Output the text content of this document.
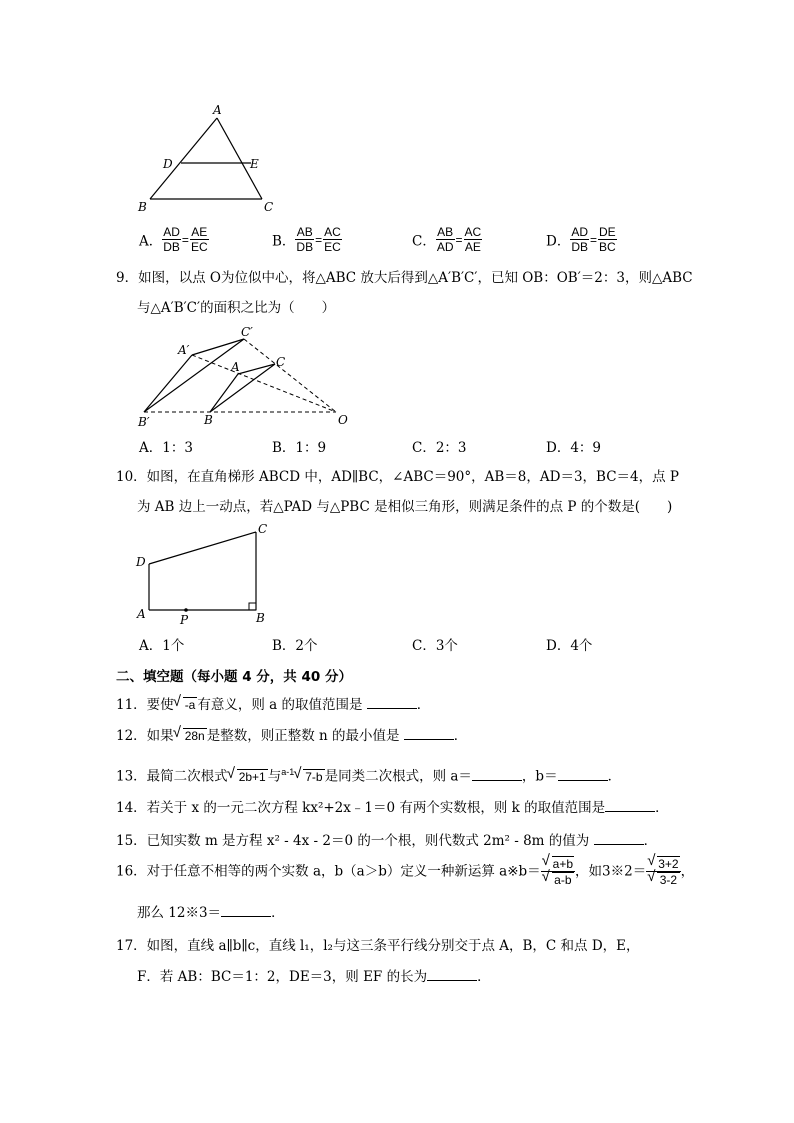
A
D	E
B	C
A． $\frac{AD}{DB} = \frac{AE}{EC}$	B． $\frac{AB}{DB} = \frac{AC}{EC}$	C． $\frac{AB}{AD} = \frac{AC}{AE}$	D． $\frac{AD}{DB} = \frac{DE}{BC}$
9．如图，以点 O为位似中心，将△ABC 放大后得到△A′B′C′，已知 OB：OB′＝2：3，则△ABC
与△A′B′C′的面积之比为（　　）
A′
C′
A	C
B′	B	O
A．1：3	B．1：9	C．2：3	D．4：9
10．如图，在直角梯形 ABCD 中，AD∥BC，∠ABC＝90°，AB＝8，AD＝3，BC＝4，点 P
为 AB 边上一动点，若△PAD 与△PBC 是相似三角形，则满足条件的点 P 的个数是(　　)
C
D
A	P	B
A．1个	B．2个	C．3个	D．4个
二、填空题（每小题 4 分，共 40 分）
11．要使 √ -a 有意义，则 a 的取值范围是	．
12．如果 √ 28n 是整数，则正整数 n 的最小值是	．
13．最简二次根式 √ 2b+1 与$^{a-1}$ √ 7-b 是同类二次根式，则 a＝	，b＝	．
14．若关于 x 的一元二次方程 kx²+2x﹣1＝0 有两个实数根，则 k 的取值范围是	．
15．已知实数 m 是方程 x² - 4x - 2＝0 的一个根，则代数式 2m² - 8m 的值为	．
16．对于任意不相等的两个实数 a，b（a＞b）定义一种新运算 a※b＝ √ a+b
√ a-b ，如3※2＝ √ 3+2
√ 3-2 ，
那么 12※3＝	．
17．如图，直线 a∥b∥c，直线 l₁，l₂与这三条平行线分别交于点 A，B，C 和点 D，E，
F．若 AB：BC＝1：2，DE＝3，则 EF 的长为	．
